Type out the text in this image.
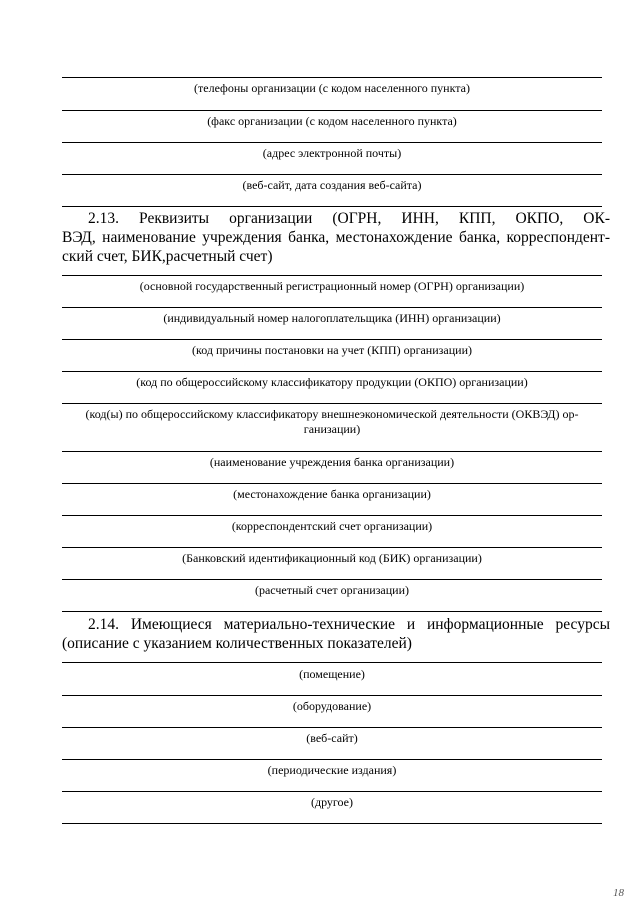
(телефоны организации (с кодом населенного пункта)
(факс организации (с кодом населенного пункта)
(адрес электронной почты)
(веб-сайт, дата создания веб-сайта)
2.13. Реквизиты организации (ОГРН, ИНН, КПП, ОКПО, ОК-
ВЭД, наименование учреждения банка, местонахождение банка, корреспондент-ский счет, БИК,расчетный счет)
(основной государственный регистрационный номер (ОГРН) организации)
(индивидуальный номер налогоплательщика (ИНН) организации)
(код причины постановки на учет (КПП) организации)
(код по общероссийскому классификатору продукции (ОКПО) организации)
(код(ы) по общероссийскому классификатору внешнеэкономической деятельности (ОКВЭД) ор-ганизации)
(наименование учреждения банка организации)
(местонахождение банка организации)
(корреспондентский счет организации)
(Банковский идентификационный код (БИК) организации)
(расчетный счет организации)
2.14. Имеющиеся материально-технические и информационные ресурсы
(описание с указанием количественных показателей)
(помещение)
(оборудование)
(веб-сайт)
(периодические издания)
(другое)
18
